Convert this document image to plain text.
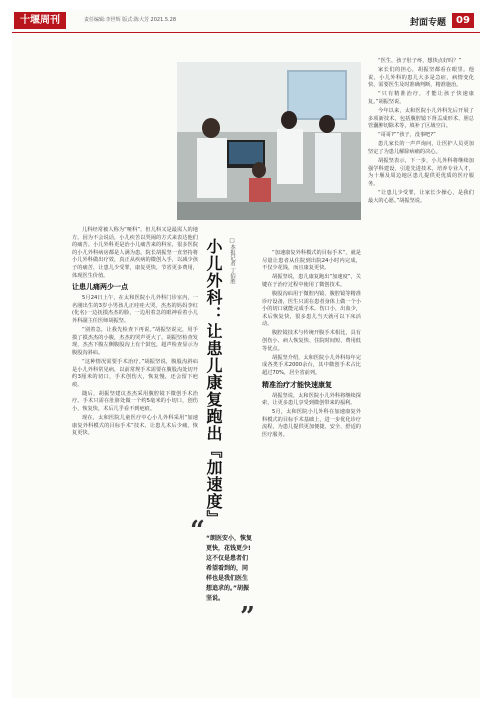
十堰周刊	责任编辑:李世辉 版式:陈大芳 2021.5.28	封面专题	09
小儿外科：让患儿康复跑出『加速度』	□本报记者 丁佰胜

儿科经常被人称为“哑科”，但儿科又是最需人的地方。因为不会说话，小儿疾苦以哭闹的方式来表达他们的痛苦。小儿外科更是治小儿痛苦来的科室，很多医院的小儿外科病房都是人满为患。院长胡振坚一直坚持将小儿外科做出疗效，真正从疾病的微创入手，以减少孩子的痛苦，让患儿少受罪，康复更快，节省更多费用，体现医生价值。

让患儿痛两少一点

5月24日上午，在太和医院小儿外科门诊室内，一名刚出生的3岁小男孩儿正哇哇大哭。杰杰的妈妈李红(化名)一边抚摸杰杰的脸，一边用着急的眼神看着小儿外科副主任医师胡振坚。

“别着急，让我先检查下再说。”胡振坚说完，用手摸了摸杰杰的小腹，杰杰的哭声更大了。胡振坚检查发现，杰杰下腹左侧腹股沟上有个鼓包，超声检查显示为腹股沟斜疝。

“这种情况需要手术治疗。”胡振坚说，腹股沟斜疝是小儿外科常见病，以前常规手术需要在腹股沟处切开约3厘米的切口，手术创伤大，恢复慢，还会留下疤痕。

随后，胡振坚建议杰杰采用腹腔镜下微创手术治疗。手术只需在肚脐处做一个约5毫米的小切口，创伤小，恢复快，术后几乎看不到疤痕。

现在，太和医院儿童医疗中心小儿外科采用“加速康复外科模式的目标手术”技术，让患儿术后少痛，恢复更快。

“ “朗医安小，恢复更快，花钱更少!这不仅是患者们希望看到的，同样也是我们医生想追求的。”胡振坚说。
”

“加速康复外科模式的目标手术”，就是尽量让患者从住院到出院24小时内完成，不仅少花钱，而且康复更快。

胡振坚说，患儿康复跑出“加速度”，关键在于治疗过程中使用了微创技术。

腹股沟疝用于微腔内镜、腹腔镜等精准诊疗设备，医生只需在患者身体上做一个小小的切口就能完成手术。伤口小，出血少，术后恢复快，很多患儿当天就可以下床活动。

腹腔镜技术与传统开腹手术相比，具有创伤小、病人恢复快、住院时间短、费用低等优点。

胡振坚介绍，太和医院小儿外科每年完成各类手术2000余台，其中微创手术占比超过70%，居全省前列。

精准治疗才能快速康复

胡振坚说，太和医院小儿外科将继续探索，让更多患儿享受到微创带来的福利。

5月，太和医院小儿外科在加速康复外科模式的目标手术基础上，进一步优化诊疗流程，为患儿提供更加便捷、安全、舒适的医疗服务。

“医生，孩子肚子疼，想快点好吗？”

家长们的担心，胡振坚都看在眼里。他说，小儿外科的患儿大多是急症，病情变化快，需要医生及时准确判断，精准施治。

“只有精准治疗，才能让孩子快速康复。”胡振坚说。

今年以来，太和医院小儿外科先后开展了多项新技术，包括腹腔镜下肾盂成形术、胆总管囊肿切除术等，填补了区域空白。

“哥哥?”“孩子，没事吧?”

患儿家长的一声声询问，让医护人员更加坚定了为患儿解除病痛的决心。

胡振坚表示，下一步，小儿外科将继续加强学科建设，引进先进技术，培养专业人才，为十堰及周边地区患儿提供更优质的医疗服务。

“让患儿少受罪，让家长少操心，是我们最大的心愿。”胡振坚说。
